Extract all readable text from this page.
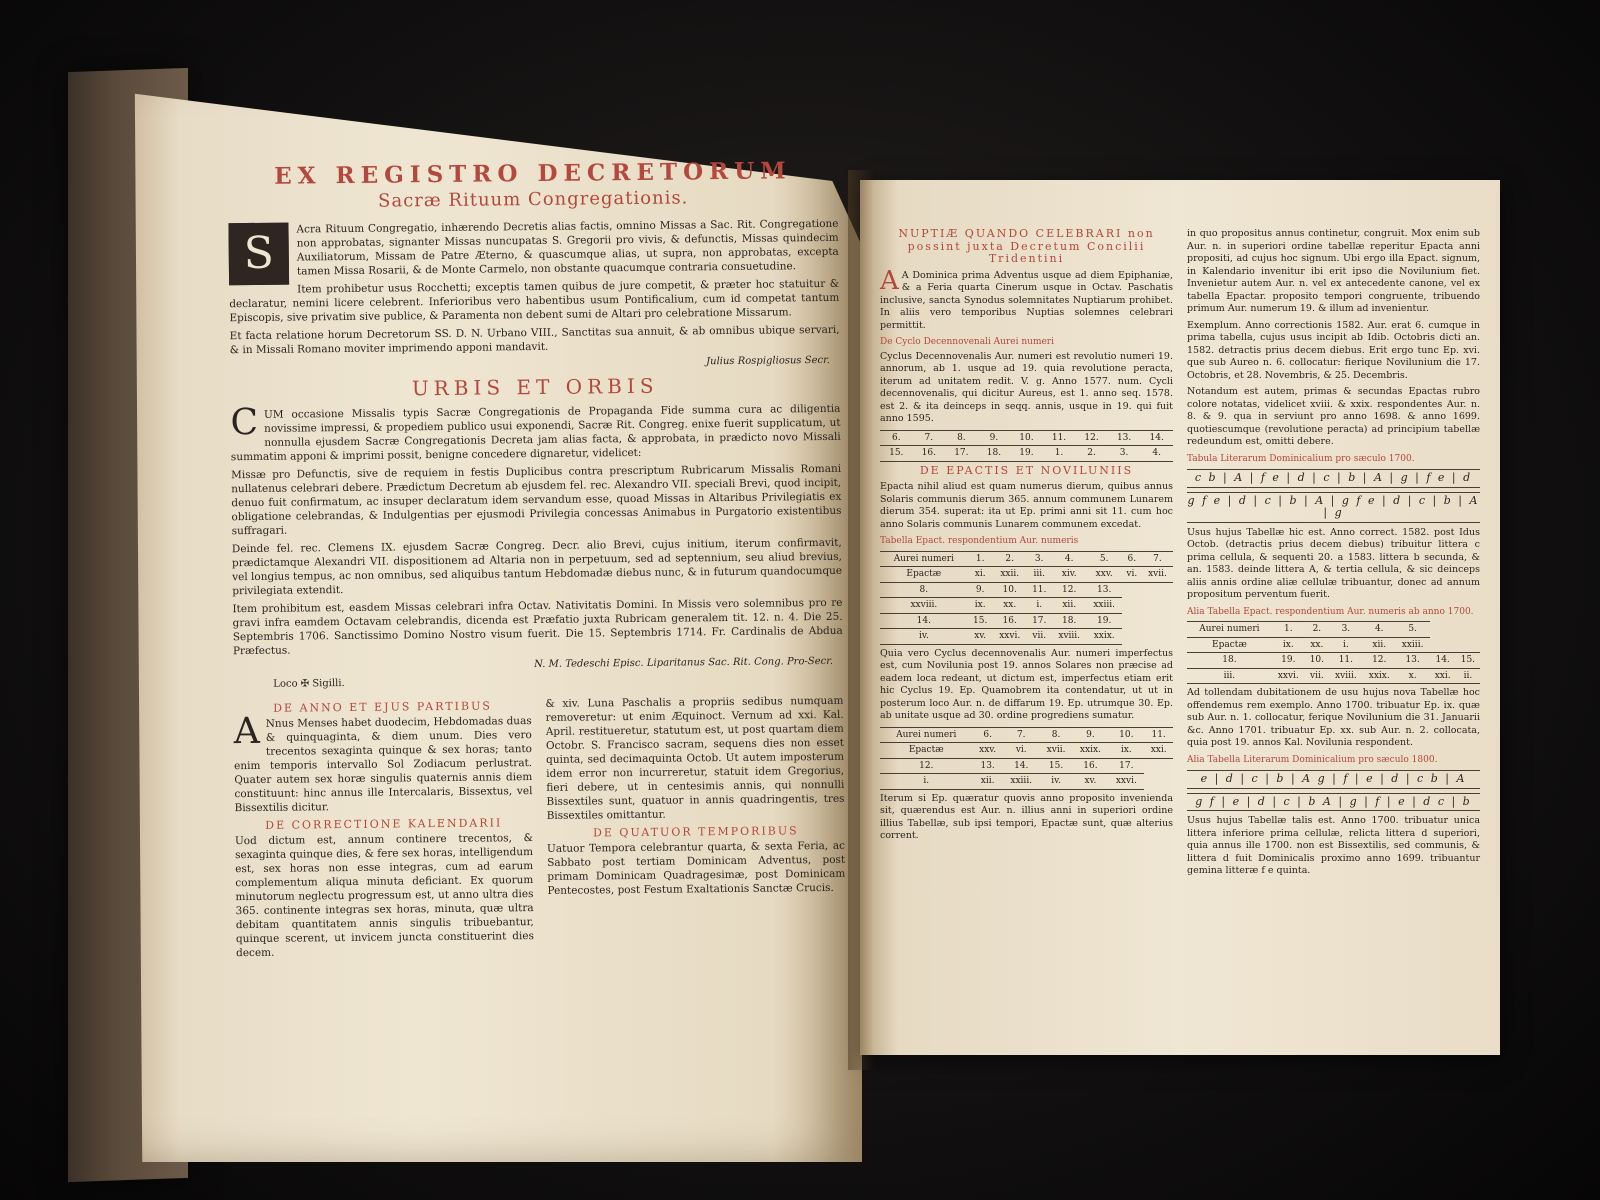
EX REGISTRO DECRETORUM
Sacræ Rituum Congregationis.
S

Acra Rituum Congregatio, inhærendo Decretis alias factis, omnino Missas a Sac. Rit. Congregatione non approbatas, signanter Missas nuncupatas S. Gregorii pro vivis, & defunctis, Missas quindecim Auxiliatorum, Missam de Patre Æterno, & quascumque alias, ut supra, non approbatas, excepta tamen Missa Rosarii, & de Monte Carmelo, non obstante quacumque contraria consuetudine.

Item prohibetur usus Rocchetti; exceptis tamen quibus de jure competit, & præter hoc statuitur & declaratur, nemini licere celebrent. Inferioribus vero habentibus usum Pontificalium, cum id competat tantum Episcopis, sive privatim sive publice, & Paramenta non debent sumi de Altari pro celebratione Missarum.

Et facta relatione horum Decretorum SS. D. N. Urbano VIII., Sanctitas sua annuit, & ab omnibus ubique servari, & in Missali Romano moviter imprimendo apponi mandavit.

Julius Rospigliosus Secr.
URBIS ET ORBIS
C UM occasione Missalis typis Sacræ Congregationis de Propaganda Fide summa cura ac diligentia novissime impressi, & propediem publico usui exponendi, Sacræ Rit. Congreg. enixe fuerit supplicatum, ut nonnulla ejusdem Sacræ Congregationis Decreta jam alias facta, & approbata, in prædicto novo Missali summatim apponi & imprimi possit, benigne concedere dignaretur, videlicet:

Missæ pro Defunctis, sive de requiem in festis Duplicibus contra prescriptum Rubricarum Missalis Romani nullatenus celebrari debere. Prædictum Decretum ab ejusdem fel. rec. Alexandro VII. speciali Brevi, quod incipit, denuo fuit confirmatum, ac insuper declaratum idem servandum esse, quoad Missas in Altaribus Privilegiatis ex obligatione celebrandas, & Indulgentias per ejusmodi Privilegia concessas Animabus in Purgatorio existentibus suffragari.

Deinde fel. rec. Clemens IX. ejusdem Sacræ Congreg. Decr. alio Brevi, cujus initium, iterum confirmavit, prædictamque Alexandri VII. dispositionem ad Altaria non in perpetuum, sed ad septennium, seu aliud brevius, vel longius tempus, ac non omnibus, sed aliquibus tantum Hebdomadæ diebus nunc, & in futurum quandocumque privilegiata extendit.

Item prohibitum est, easdem Missas celebrari infra Octav. Nativitatis Domini. In Missis vero solemnibus pro re gravi infra eamdem Octavam celebrandis, dicenda est Præfatio juxta Rubricam generalem tit. 12. n. 4. Die 25. Septembris 1706. Sanctissimo Domino Nostro visum fuerit. Die 15. Septembris 1714. Fr. Cardinalis de Abdua Præfectus.

N. M. Tedeschi Episc. Liparitanus Sac. Rit. Cong. Pro-Secr.
Loco ✠ Sigilli.
DE ANNO ET EJUS PARTIBUS
A Nnus Menses habet duodecim, Hebdomadas duas & quinquaginta, & diem unum. Dies vero trecentos sexaginta quinque & sex horas; tanto enim temporis intervallo Sol Zodiacum perlustrat. Quater autem sex horæ singulis quaternis annis diem constituunt: hinc annus ille Intercalaris, Bissextus, vel Bissextilis dicitur.

DE CORRECTIONE KALENDARII

Uod dictum est, annum continere trecentos, & sexaginta quinque dies, & fere sex horas, intelligendum est, sex horas non esse integras, cum ad earum complementum aliqua minuta deficiant. Ex quorum minutorum neglectu progressum est, ut anno ultra dies 365. continente integras sex horas, minuta, quæ ultra debitam quantitatem annis singulis tribuebantur, quinque scerent, ut invicem juncta constituerint dies decem.

& xiv. Luna Paschalis a propriis sedibus numquam removeretur: ut enim Æquinoct. Vernum ad xxi. Kal. April. restitueretur, statutum est, ut post quartam diem Octobr. S. Francisco sacram, sequens dies non esset quinta, sed decimaquinta Octob. Ut autem imposterum idem error non incurreretur, statuit idem Gregorius, fieri debere, ut in centesimis annis, qui nonnulli Bissextiles sunt, quatuor in annis quadringentis, tres Bissextiles omittantur.

DE QUATUOR TEMPORIBUS

Uatuor Tempora celebrantur quarta, & sexta Feria, ac Sabbato post tertiam Dominicam Adventus, post primam Dominicam Quadragesimæ, post Dominicam Pentecostes, post Festum Exaltationis Sanctæ Crucis.

NUPTIÆ QUANDO CELEBRARI non possint juxta Decretum Concilii Tridentini
A A Dominica prima Adventus usque ad diem Epiphaniæ, & a Feria quarta Cinerum usque in Octav. Paschatis inclusive, sancta Synodus solemnitates Nuptiarum prohibet. In aliis vero temporibus Nuptias solemnes celebrari permittit.

De Cyclo Decennovenali Aurei numeri

Cyclus Decennovenalis Aur. numeri est revolutio numeri 19. annorum, ab 1. usque ad 19. quia revolutione peracta, iterum ad unitatem redit. V. g. Anno 1577. num. Cycli decennovenalis, qui dicitur Aureus, est 1. anno seq. 1578. est 2. & ita deinceps in seqq. annis, usque in 19. qui fuit anno 1595.

6.	7.	8.	9.	10.	11.	12.	13.	14.
15.	16.	17.	18.	19.	1.	2.	3.	4.
DE EPACTIS ET NOVILUNIIS

Epacta nihil aliud est quam numerus dierum, quibus annus Solaris communis dierum 365. annum communem Lunarem dierum 354. superat: ita ut Ep. primi anni sit 11. cum hoc anno Solaris communis Lunarem communem excedat.

Tabella Epact. respondentium Aur. numeris
Aurei numeri	1.	2.	3.	4.	5.	6.	7.
Epactæ	xi.	xxii.	iii.	xiv.	xxv.	vi.	xvii.
8.	9.	10.	11.	12.	13.		
xxviii.	ix.	xx.	i.	xii.	xxiii.		
14.	15.	16.	17.	18.	19.		
iv.	xv.	xxvi.	vii.	xviii.	xxix.		

Quia vero Cyclus decennovenalis Aur. numeri imperfectus est, cum Novilunia post 19. annos Solares non præcise ad eadem loca redeant, ut dictum est, imperfectus etiam erit hic Cyclus 19. Ep. Quamobrem ita contendatur, ut ut in posterum loco Aur. n. de diffarum 19. Ep. utrumque 30. Ep. ab unitate usque ad 30. ordine progrediens sumatur.

Aurei numeri	6.	7.	8.	9.	10.	11.
Epactæ	xxv.	vi.	xvii.	xxix.	ix.	xxi.
12.	13.	14.	15.	16.	17.	
i.	xii.	xxiii.	iv.	xv.	xxvi.	

Iterum si Ep. quæratur quovis anno proposito invenienda sit, quærendus est Aur. n. illius anni in superiori ordine illius Tabellæ, sub ipsi tempori, Epactæ sunt, quæ alterius corrent.

in quo propositus annus continetur, congruit. Mox enim sub Aur. n. in superiori ordine tabellæ reperitur Epacta anni propositi, ad cujus hoc signum. Ubi ergo illa Epact. signum, in Kalendario invenitur ibi erit ipso die Novilunium fiet. Invenietur autem Aur. n. vel ex antecedente canone, vel ex tabella Epactar. proposito tempori congruente, tribuendo primum Aur. numerum 19. & illum ad invenientur.

Exemplum. Anno correctionis 1582. Aur. erat 6. cumque in prima tabella, cujus usus incipit ab Idib. Octobris dicti an. 1582. detractis prius decem diebus. Erit ergo tunc Ep. xvi. que sub Aureo n. 6. collocatur: fierique Novilunium die 17. Octobris, et 28. Novembris, & 25. Decembris.

Notandum est autem, primas & secundas Epactas rubro colore notatas, videlicet xviii. & xxix. respondentes Aur. n. 8. & 9. qua in serviunt pro anno 1698. & anno 1699. quotiescumque (revolutione peracta) ad principium tabellæ redeundum est, omitti debere.

Tabula Literarum Dominicalium pro sæculo 1700.
c b | A | f e | d | c | b | A | g | f e | d
g f e | d | c | b | A | g f e | d | c | b | A | g

Usus hujus Tabellæ hic est. Anno correct. 1582. post Idus Octob. (detractis prius decem diebus) tribuitur littera c prima cellula, & sequenti 20. a 1583. littera b secunda, & an. 1583. deinde littera A, & tertia cellula, & sic deinceps aliis annis ordine aliæ cellulæ tribuantur, donec ad annum propositum perventum fuerit.

Alia Tabella Epact. respondentium Aur. numeris ab anno 1700.
Aurei numeri	1.	2.	3.	4.	5.		
Epactæ	ix.	xx.	i.	xii.	xxiii.		
18.	19.	10.	11.	12.	13.	14.	15.
iii.	xxvi.	vii.	xviii.	xxix.	x.	xxi.	ii.

Ad tollendam dubitationem de usu hujus nova Tabellæ hoc offendemus rem exemplo. Anno 1700. tribuatur Ep. ix. quæ sub Aur. n. 1. collocatur, ferique Novilunium die 31. Januarii &c. Anno 1701. tribuatur Ep. xx. sub Aur. n. 2. collocata, quia post 19. annos Kal. Novilunia respondent.

Alia Tabella Literarum Dominicalium pro sæculo 1800.
e | d | c | b | A g | f | e | d | c b | A
g f | e | d | c | b A | g | f | e | d c | b

Usus hujus Tabellæ talis est. Anno 1700. tribuatur unica littera inferiore prima cellulæ, relicta littera d superiori, quia annus ille 1700. non est Bissextilis, sed communis, & littera d fuit Dominicalis proximo anno 1699. tribuantur gemina litteræ f e quinta.
